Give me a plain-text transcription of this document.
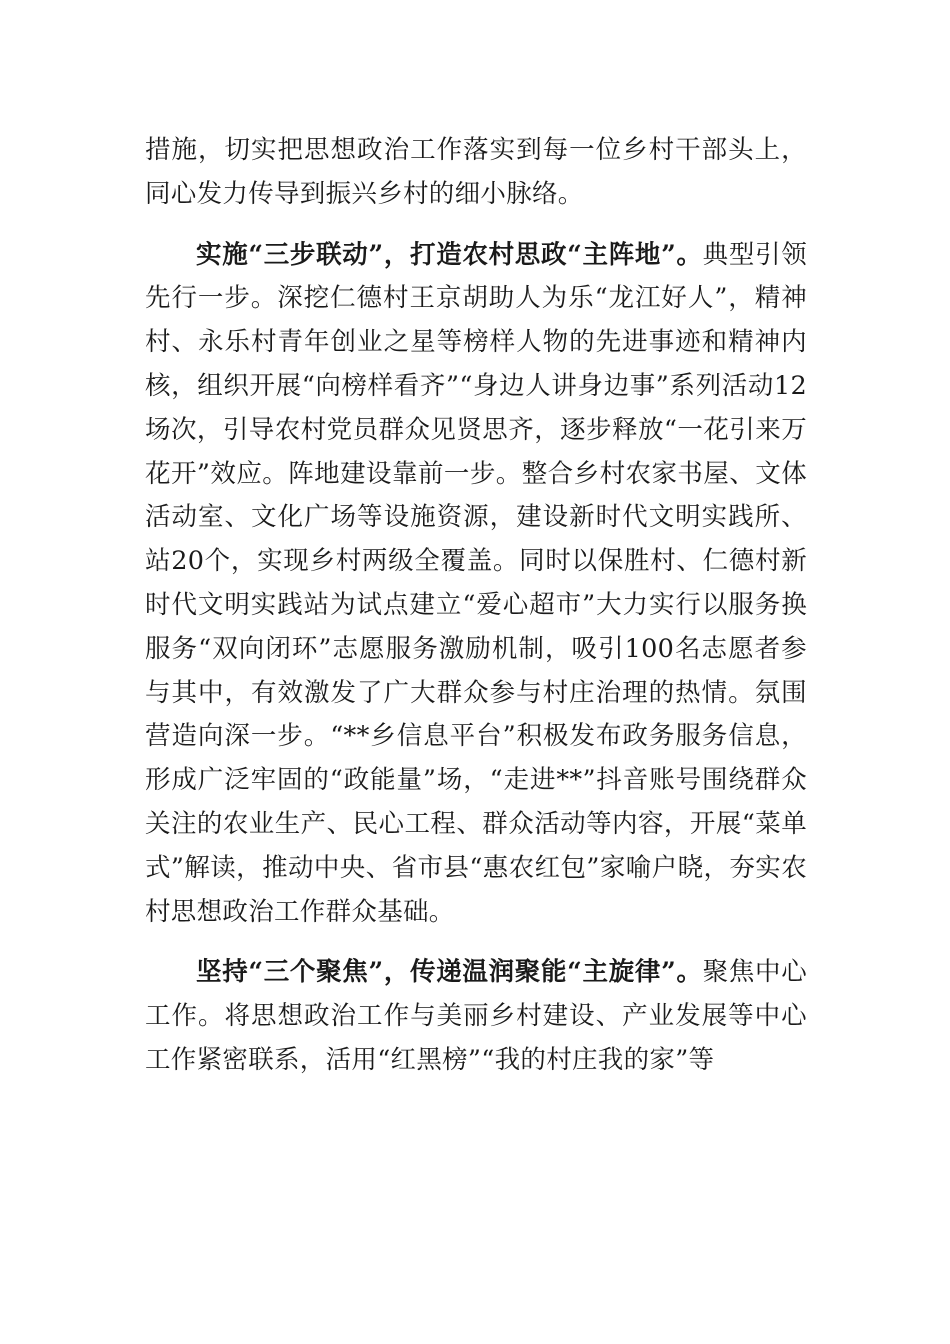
措施，切实把思想政治工作落实到每一位乡村干部头上，同心发力传导到振兴乡村的细小脉络。

实施“三步联动”，打造农村思政“主阵地”。典型引领先行一步。深挖仁德村王京胡助人为乐“龙江好人”，精神村、永乐村青年创业之星等榜样人物的先进事迹和精神内核，组织开展“向榜样看齐”“身边人讲身边事”系列活动12场次，引导农村党员群众见贤思齐，逐步释放“一花引来万花开”效应。阵地建设靠前一步。整合乡村农家书屋、文体活动室、文化广场等设施资源，建设新时代文明实践所、站20个，实现乡村两级全覆盖。同时以保胜村、仁德村新时代文明实践站为试点建立“爱心超市”大力实行以服务换服务“双向闭环”志愿服务激励机制，吸引100名志愿者参与其中，有效激发了广大群众参与村庄治理的热情。氛围营造向深一步。“**乡信息平台”积极发布政务服务信息，形成广泛牢固的“政能量”场，“走进**”抖音账号围绕群众关注的农业生产、民心工程、群众活动等内容，开展“菜单式”解读，推动中央、省市县“惠农红包”家喻户晓，夯实农村思想政治工作群众基础。

坚持“三个聚焦”，传递温润聚能“主旋律”。聚焦中心工作。将思想政治工作与美丽乡村建设、产业发展等中心工作紧密联系，活用“红黑榜”“我的村庄我的家”等
